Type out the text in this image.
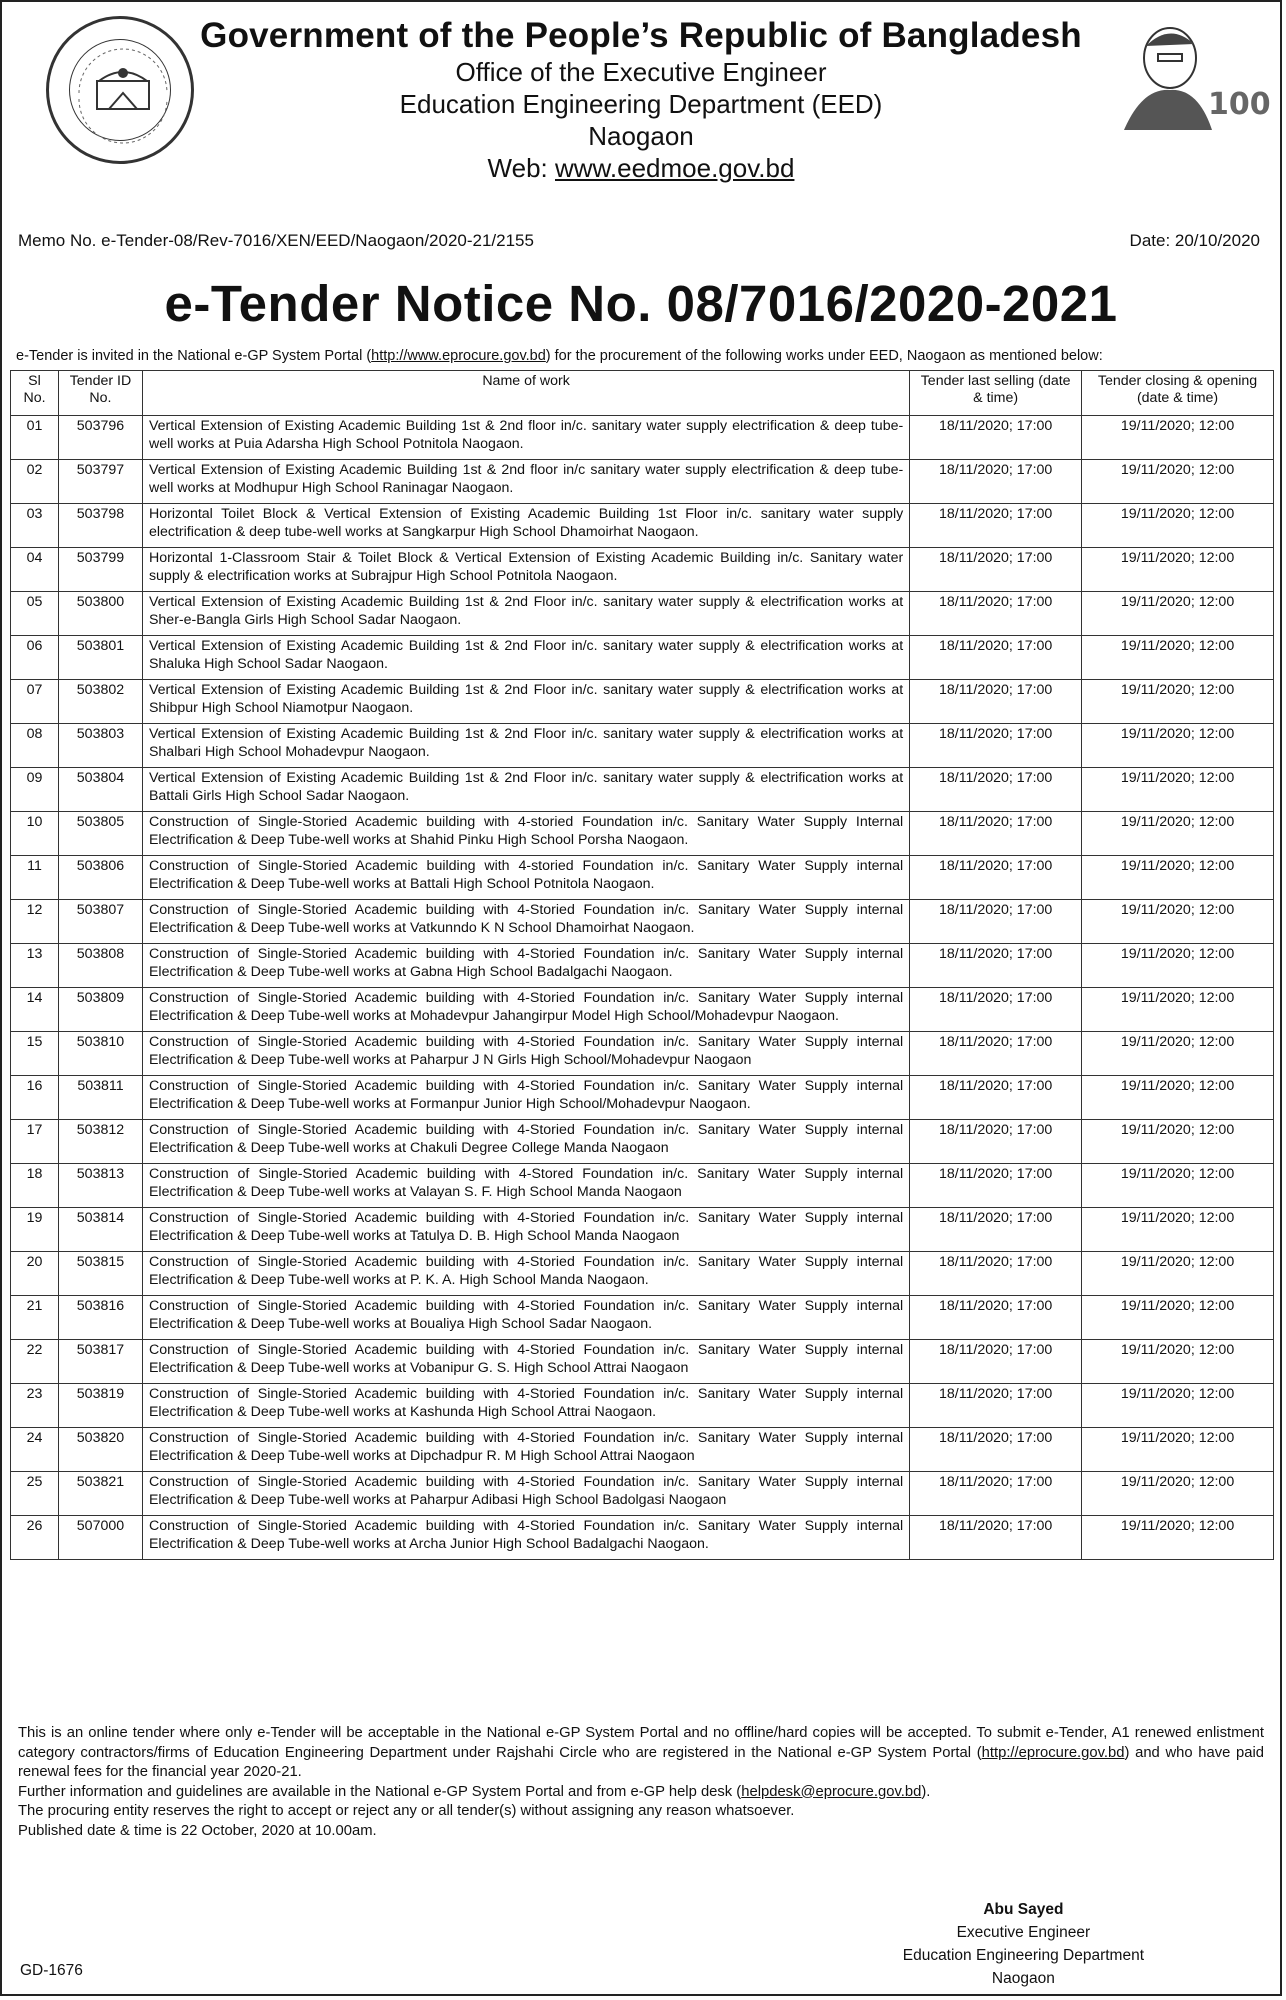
Government of the People’s Republic of Bangladesh
Office of the Executive Engineer
Education Engineering Department (EED)
Naogaon
Web: www.eedmoe.gov.bd
100
Memo No. e-Tender-08/Rev-7016/XEN/EED/Naogaon/2020-21/2155	Date: 20/10/2020
e-Tender Notice No. 08/7016/2020-2021
e-Tender is invited in the National e-GP System Portal (http://www.eprocure.gov.bd) for the procurement of the following works under EED, Naogaon as mentioned below:
Sl No.	Tender ID No.	Name of work	Tender last selling (date & time)	Tender closing & opening (date & time)
01	503796	Vertical Extension of Existing Academic Building 1st & 2nd floor in/c. sanitary water supply electrification & deep tube-well works at Puia Adarsha High School Potnitola Naogaon.	18/11/2020; 17:00	19/11/2020; 12:00
02	503797	Vertical Extension of Existing Academic Building 1st & 2nd floor in/c sanitary water supply electrification & deep tube-well works at Modhupur High School Raninagar Naogaon.	18/11/2020; 17:00	19/11/2020; 12:00
03	503798	Horizontal Toilet Block & Vertical Extension of Existing Academic Building 1st Floor in/c. sanitary water supply electrification & deep tube-well works at Sangkarpur High School Dhamoirhat Naogaon.	18/11/2020; 17:00	19/11/2020; 12:00
04	503799	Horizontal 1-Classroom Stair & Toilet Block & Vertical Extension of Existing Academic Building in/c. Sanitary water supply & electrification works at Subrajpur High School Potnitola Naogaon.	18/11/2020; 17:00	19/11/2020; 12:00
05	503800	Vertical Extension of Existing Academic Building 1st & 2nd Floor in/c. sanitary water supply & electrification works at Sher-e-Bangla Girls High School Sadar Naogaon.	18/11/2020; 17:00	19/11/2020; 12:00
06	503801	Vertical Extension of Existing Academic Building 1st & 2nd Floor in/c. sanitary water supply & electrification works at Shaluka High School Sadar Naogaon.	18/11/2020; 17:00	19/11/2020; 12:00
07	503802	Vertical Extension of Existing Academic Building 1st & 2nd Floor in/c. sanitary water supply & electrification works at Shibpur High School Niamotpur Naogaon.	18/11/2020; 17:00	19/11/2020; 12:00
08	503803	Vertical Extension of Existing Academic Building 1st & 2nd Floor in/c. sanitary water supply & electrification works at Shalbari High School Mohadevpur Naogaon.	18/11/2020; 17:00	19/11/2020; 12:00
09	503804	Vertical Extension of Existing Academic Building 1st & 2nd Floor in/c. sanitary water supply & electrification works at Battali Girls High School Sadar Naogaon.	18/11/2020; 17:00	19/11/2020; 12:00
10	503805	Construction of Single-Storied Academic building with 4-storied Foundation in/c. Sanitary Water Supply Internal Electrification & Deep Tube-well works at Shahid Pinku High School Porsha Naogaon.	18/11/2020; 17:00	19/11/2020; 12:00
11	503806	Construction of Single-Storied Academic building with 4-storied Foundation in/c. Sanitary Water Supply internal Electrification & Deep Tube-well works at Battali High School Potnitola Naogaon.	18/11/2020; 17:00	19/11/2020; 12:00
12	503807	Construction of Single-Storied Academic building with 4-Storied Foundation in/c. Sanitary Water Supply internal Electrification & Deep Tube-well works at Vatkunndo K N School Dhamoirhat Naogaon.	18/11/2020; 17:00	19/11/2020; 12:00
13	503808	Construction of Single-Storied Academic building with 4-Storied Foundation in/c. Sanitary Water Supply internal Electrification & Deep Tube-well works at Gabna High School Badalgachi Naogaon.	18/11/2020; 17:00	19/11/2020; 12:00
14	503809	Construction of Single-Storied Academic building with 4-Storied Foundation in/c. Sanitary Water Supply internal Electrification & Deep Tube-well works at Mohadevpur Jahangirpur Model High School/Mohadevpur Naogaon.	18/11/2020; 17:00	19/11/2020; 12:00
15	503810	Construction of Single-Storied Academic building with 4-Storied Foundation in/c. Sanitary Water Supply internal Electrification & Deep Tube-well works at Paharpur J N Girls High School/Mohadevpur Naogaon	18/11/2020; 17:00	19/11/2020; 12:00
16	503811	Construction of Single-Storied Academic building with 4-Storied Foundation in/c. Sanitary Water Supply internal Electrification & Deep Tube-well works at Formanpur Junior High School/Mohadevpur Naogaon.	18/11/2020; 17:00	19/11/2020; 12:00
17	503812	Construction of Single-Storied Academic building with 4-Storied Foundation in/c. Sanitary Water Supply internal Electrification & Deep Tube-well works at Chakuli Degree College Manda Naogaon	18/11/2020; 17:00	19/11/2020; 12:00
18	503813	Construction of Single-Storied Academic building with 4-Stored Foundation in/c. Sanitary Water Supply internal Electrification & Deep Tube-well works at Valayan S. F. High School Manda Naogaon	18/11/2020; 17:00	19/11/2020; 12:00
19	503814	Construction of Single-Storied Academic building with 4-Storied Foundation in/c. Sanitary Water Supply internal Electrification & Deep Tube-well works at Tatulya D. B. High School Manda Naogaon	18/11/2020; 17:00	19/11/2020; 12:00
20	503815	Construction of Single-Storied Academic building with 4-Storied Foundation in/c. Sanitary Water Supply internal Electrification & Deep Tube-well works at P. K. A. High School Manda Naogaon.	18/11/2020; 17:00	19/11/2020; 12:00
21	503816	Construction of Single-Storied Academic building with 4-Storied Foundation in/c. Sanitary Water Supply internal Electrification & Deep Tube-well works at Boualiya High School Sadar Naogaon.	18/11/2020; 17:00	19/11/2020; 12:00
22	503817	Construction of Single-Storied Academic building with 4-Storied Foundation in/c. Sanitary Water Supply internal Electrification & Deep Tube-well works at Vobanipur G. S. High School Attrai Naogaon	18/11/2020; 17:00	19/11/2020; 12:00
23	503819	Construction of Single-Storied Academic building with 4-Storied Foundation in/c. Sanitary Water Supply internal Electrification & Deep Tube-well works at Kashunda High School Attrai Naogaon.	18/11/2020; 17:00	19/11/2020; 12:00
24	503820	Construction of Single-Storied Academic building with 4-Storied Foundation in/c. Sanitary Water Supply internal Electrification & Deep Tube-well works at Dipchadpur R. M High School Attrai Naogaon	18/11/2020; 17:00	19/11/2020; 12:00
25	503821	Construction of Single-Storied Academic building with 4-Storied Foundation in/c. Sanitary Water Supply internal Electrification & Deep Tube-well works at Paharpur Adibasi High School Badolgasi Naogaon	18/11/2020; 17:00	19/11/2020; 12:00
26	507000	Construction of Single-Storied Academic building with 4-Storied Foundation in/c. Sanitary Water Supply internal Electrification & Deep Tube-well works at Archa Junior High School Badalgachi Naogaon.	18/11/2020; 17:00	19/11/2020; 12:00

This is an online tender where only e-Tender will be acceptable in the National e-GP System Portal and no offline/hard copies will be accepted. To submit e-Tender, A1 renewed enlistment category contractors/firms of Education Engineering Department under Rajshahi Circle who are registered in the National e-GP System Portal (http://eprocure.gov.bd) and who have paid renewal fees for the financial year 2020-21.

Further information and guidelines are available in the National e-GP System Portal and from e-GP help desk (helpdesk@eprocure.gov.bd).

The procuring entity reserves the right to accept or reject any or all tender(s) without assigning any reason whatsoever.

Published date & time is 22 October, 2020 at 10.00am.

Abu Sayed
Executive Engineer
Education Engineering Department
Naogaon
GD-1676
